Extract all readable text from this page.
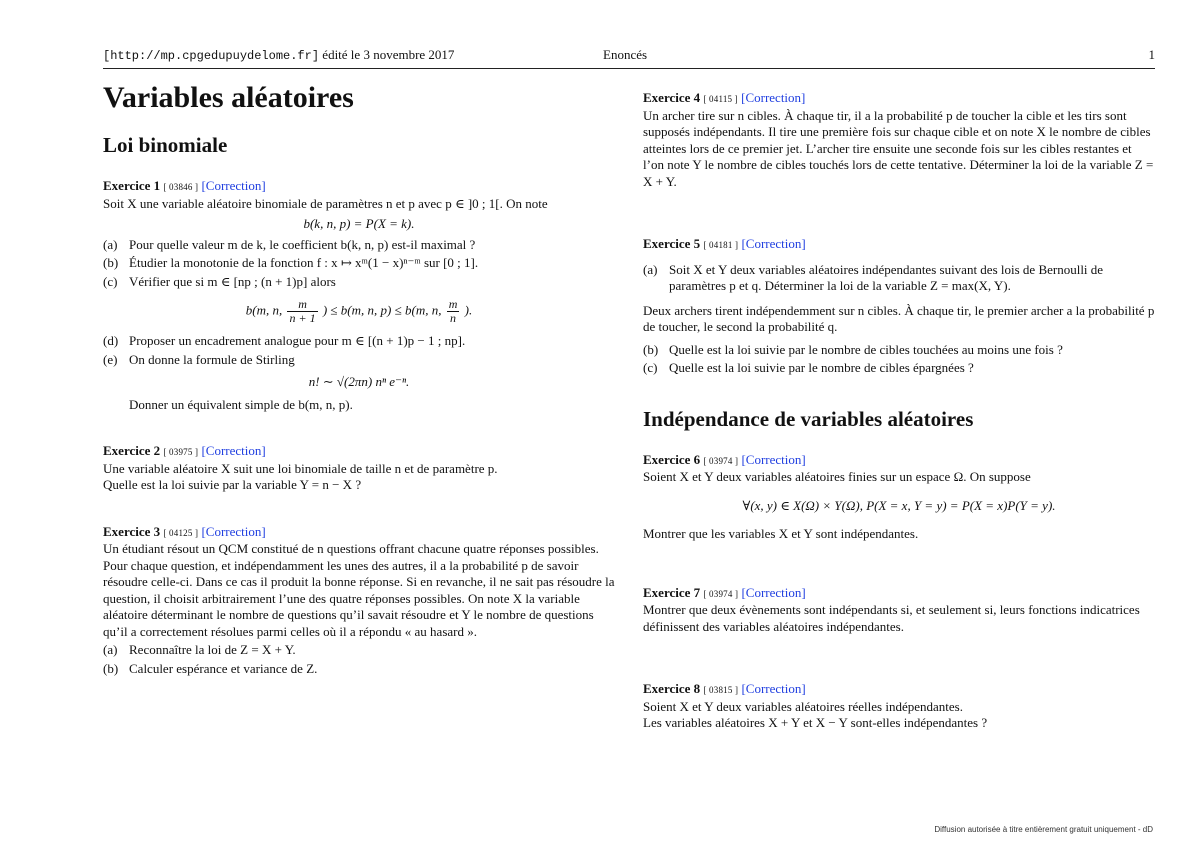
[http://mp.cpgedupuydelome.fr] édité le 3 novembre 2017	Enoncés	1
Variables aléatoires
Loi binomiale
Exercice 1 [ 03846 ] [Correction]

Soit X une variable aléatoire binomiale de paramètres n et p avec p ∈ ]0 ; 1[. On note

b(k, n, p) = P(X = k).
(a) Pour quelle valeur m de k, le coefficient b(k, n, p) est-il maximal ?
(b) Étudier la monotonie de la fonction f : x ↦ xᵐ(1 − x)ⁿ⁻ᵐ sur [0 ; 1].
(c) Vérifier que si m ∈ [np ; (n + 1)p] alors
b(m, n, $\frac{m}{n + 1}$ ) ≤ b(m, n, p) ≤ b(m, n, $\frac{m}{n}$ ).
(d) Proposer un encadrement analogue pour m ∈ [(n + 1)p − 1 ; np].
(e) On donne la formule de Stirling
n! ∼ √(2πn) nⁿ e⁻ⁿ.

Donner un équivalent simple de b(m, n, p).

Exercice 2 [ 03975 ] [Correction]

Une variable aléatoire X suit une loi binomiale de taille n et de paramètre p.

Quelle est la loi suivie par la variable Y = n − X ?

Exercice 3 [ 04125 ] [Correction]

Un étudiant résout un QCM constitué de n questions offrant chacune quatre réponses possibles. Pour chaque question, et indépendamment les unes des autres, il a la probabilité p de savoir résoudre celle-ci. Dans ce cas il produit la bonne réponse. Si en revanche, il ne sait pas résoudre la question, il choisit arbitrairement l’une des quatre réponses possibles. On note X la variable aléatoire déterminant le nombre de questions qu’il savait résoudre et Y le nombre de questions qu’il a correctement résolues parmi celles où il a répondu « au hasard ».

(a) Reconnaître la loi de Z = X + Y.
(b) Calculer espérance et variance de Z.
Exercice 4 [ 04115 ] [Correction]

Un archer tire sur n cibles. À chaque tir, il a la probabilité p de toucher la cible et les tirs sont supposés indépendants. Il tire une première fois sur chaque cible et on note X le nombre de cibles atteintes lors de ce premier jet. L’archer tire ensuite une seconde fois sur les cibles restantes et l’on note Y le nombre de cibles touchés lors de cette tentative. Déterminer la loi de la variable Z = X + Y.

Exercice 5 [ 04181 ] [Correction]
(a) Soit X et Y deux variables aléatoires indépendantes suivant des lois de Bernoulli de paramètres p et q. Déterminer la loi de la variable Z = max(X, Y).

Deux archers tirent indépendemment sur n cibles. À chaque tir, le premier archer a la probabilité p de toucher, le second la probabilité q.

(b) Quelle est la loi suivie par le nombre de cibles touchées au moins une fois ?
(c) Quelle est la loi suivie par le nombre de cibles épargnées ?
Indépendance de variables aléatoires
Exercice 6 [ 03974 ] [Correction]

Soient X et Y deux variables aléatoires finies sur un espace Ω. On suppose

∀(x, y) ∈ X(Ω) × Y(Ω), P(X = x, Y = y) = P(X = x)P(Y = y).

Montrer que les variables X et Y sont indépendantes.

Exercice 7 [ 03974 ] [Correction]

Montrer que deux évènements sont indépendants si, et seulement si, leurs fonctions indicatrices définissent des variables aléatoires indépendantes.

Exercice 8 [ 03815 ] [Correction]

Soient X et Y deux variables aléatoires réelles indépendantes.

Les variables aléatoires X + Y et X − Y sont-elles indépendantes ?

Diffusion autorisée à titre entièrement gratuit uniquement - dD
